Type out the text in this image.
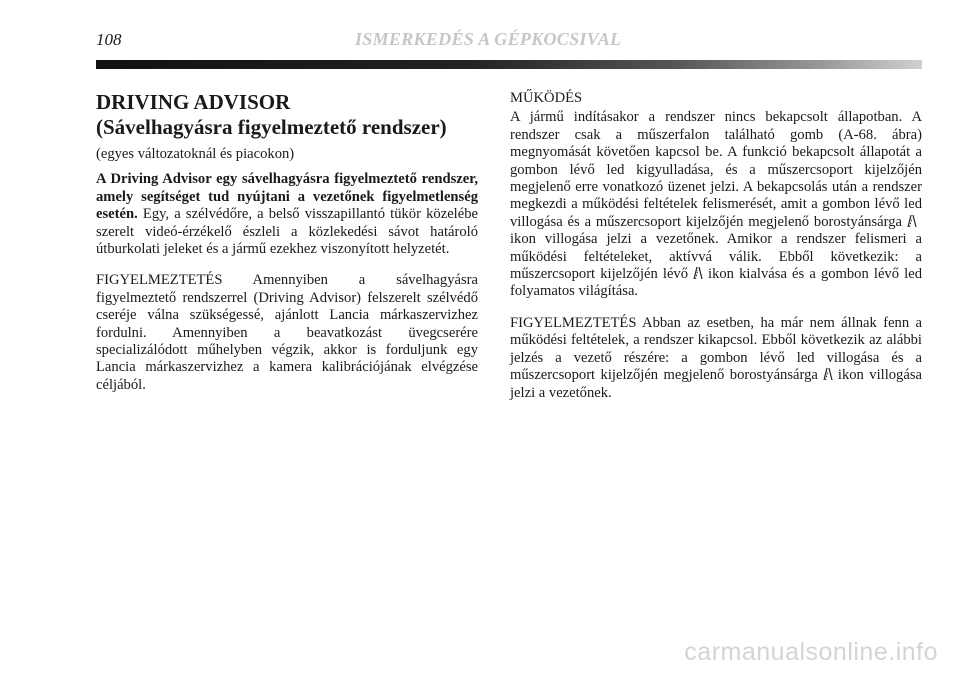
108	ISMERKEDÉS A GÉPKOCSIVAL
DRIVING ADVISOR
(Sávelhagyásra figyelmeztető rendszer)

(egyes változatoknál és piacokon)

A Driving Advisor egy sávelhagyásra figyelmeztető rendszer, amely segítséget tud nyújtani a vezetőnek figyelmetlenség esetén. Egy, a szélvédőre, a belső visszapillantó tükör közelébe szerelt videó-érzékelő észleli a közlekedési sávot határoló útburkolati jeleket és a jármű ezekhez viszonyított helyzetét.

FIGYELMEZTETÉS Amennyiben a sávelhagyásra figyelmeztető rendszerrel (Driving Advisor) felszerelt szélvédő cseréje válna szükségessé, ajánlott Lancia márkaszervizhez fordulni. Amennyiben a beavatkozást üvegcserére specializálódott műhelyben végzik, akkor is forduljunk egy Lancia márkaszervizhez a kamera kalibrációjának elvégzése céljából.

MŰKÖDÉS

A jármű indításakor a rendszer nincs bekapcsolt állapotban. A rendszer csak a műszerfalon található gomb (A-68. ábra) megnyomását követően kapcsol be. A funkció bekapcsolt állapotát a gombon lévő led kigyulladása, és a műszercsoport kijelzőjén megjelenő erre vonatkozó üzenet jelzi. A bekapcsolás után a rendszer megkezdi a működési feltételek felismerését, amit a gombon lévő led villogása és a műszercsoport kijelzőjén megjelenő borostyánsárgaikon villogása jelzi a vezetőnek. Amikor a rendszer felismeri a működési feltételeket, aktívvá válik. Ebből következik: a műszercsoport kijelzőjén lévő ikon kialvása és a gombon lévő led folyamatos világítása.

FIGYELMEZTETÉS Abban az esetben, ha már nem állnak fenn a működési feltételek, a rendszer kikapcsol. Ebből következik az alábbi jelzés a vezető részére: a gombon lévő led villogása és a műszercsoport kijelzőjén megjelenő borostyánsárga ikon villogása jelzi a vezetőnek.

carmanualsonline.info
